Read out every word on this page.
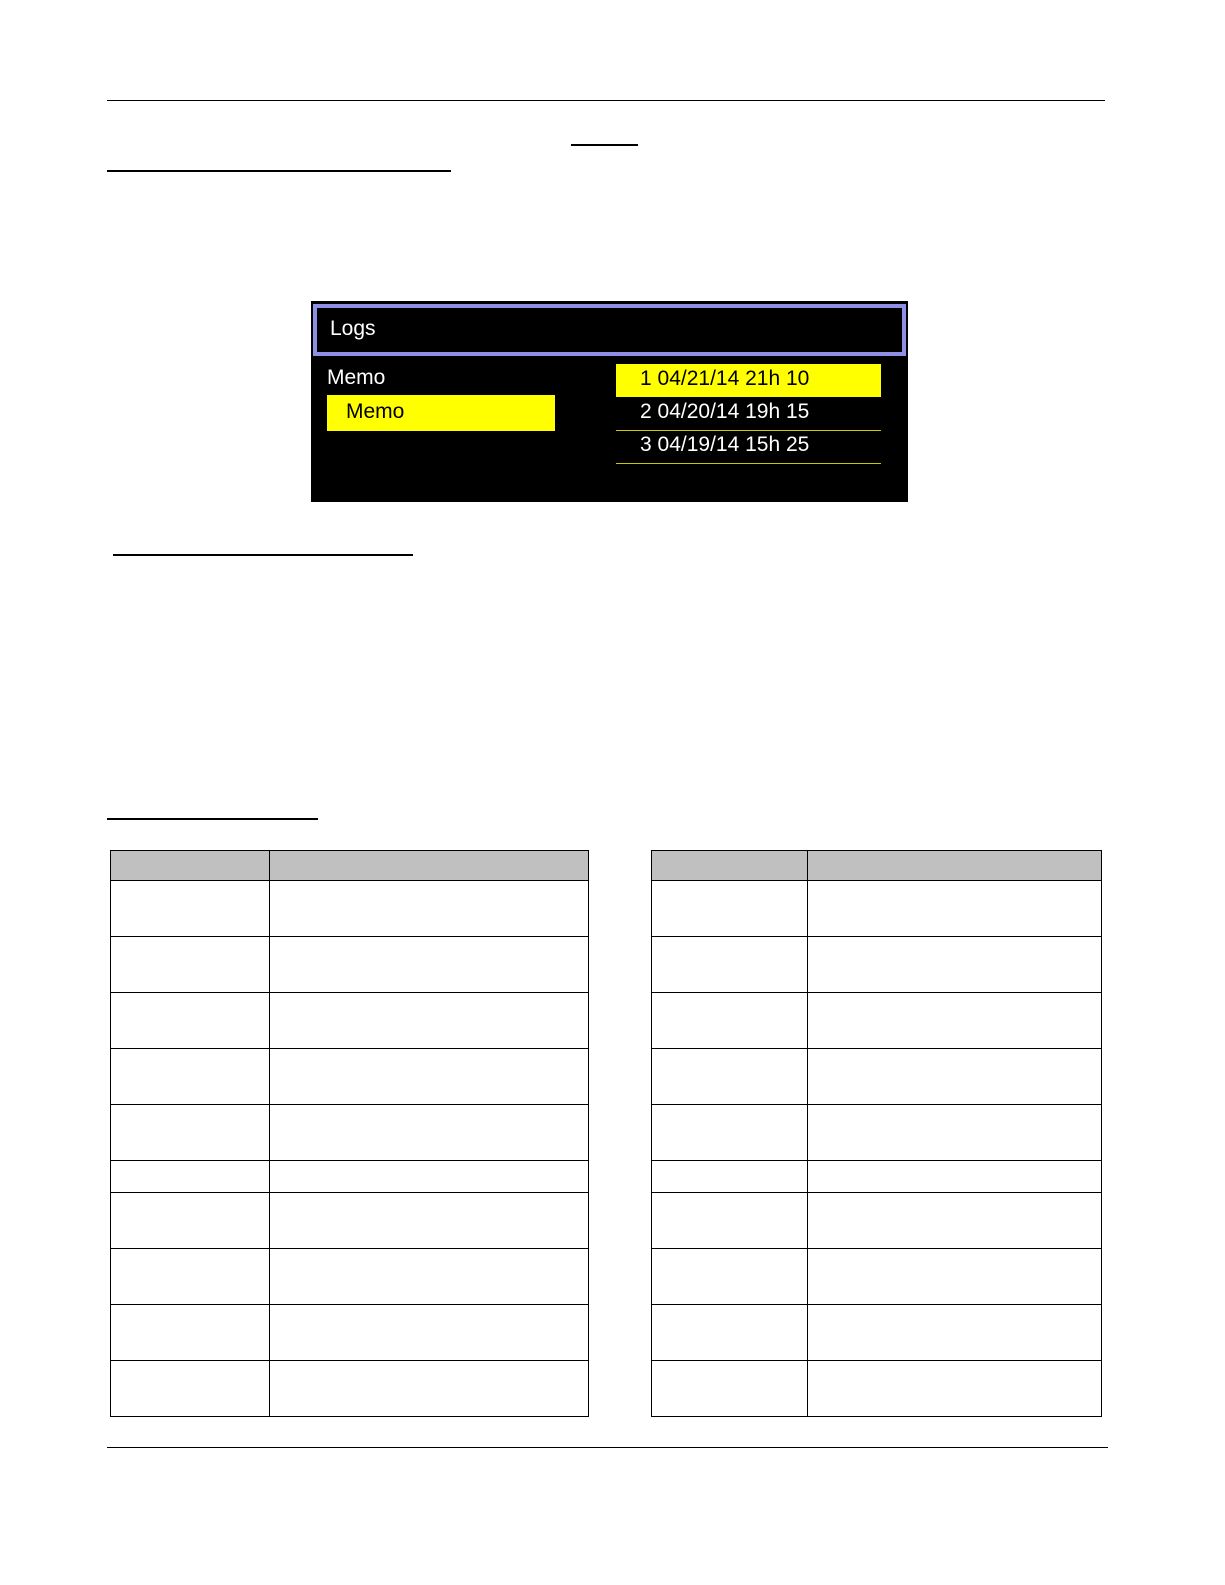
Logs
Memo
Memo
1 04/21/14 21h 10
2 04/20/14 19h 15
3 04/19/14 15h 25
